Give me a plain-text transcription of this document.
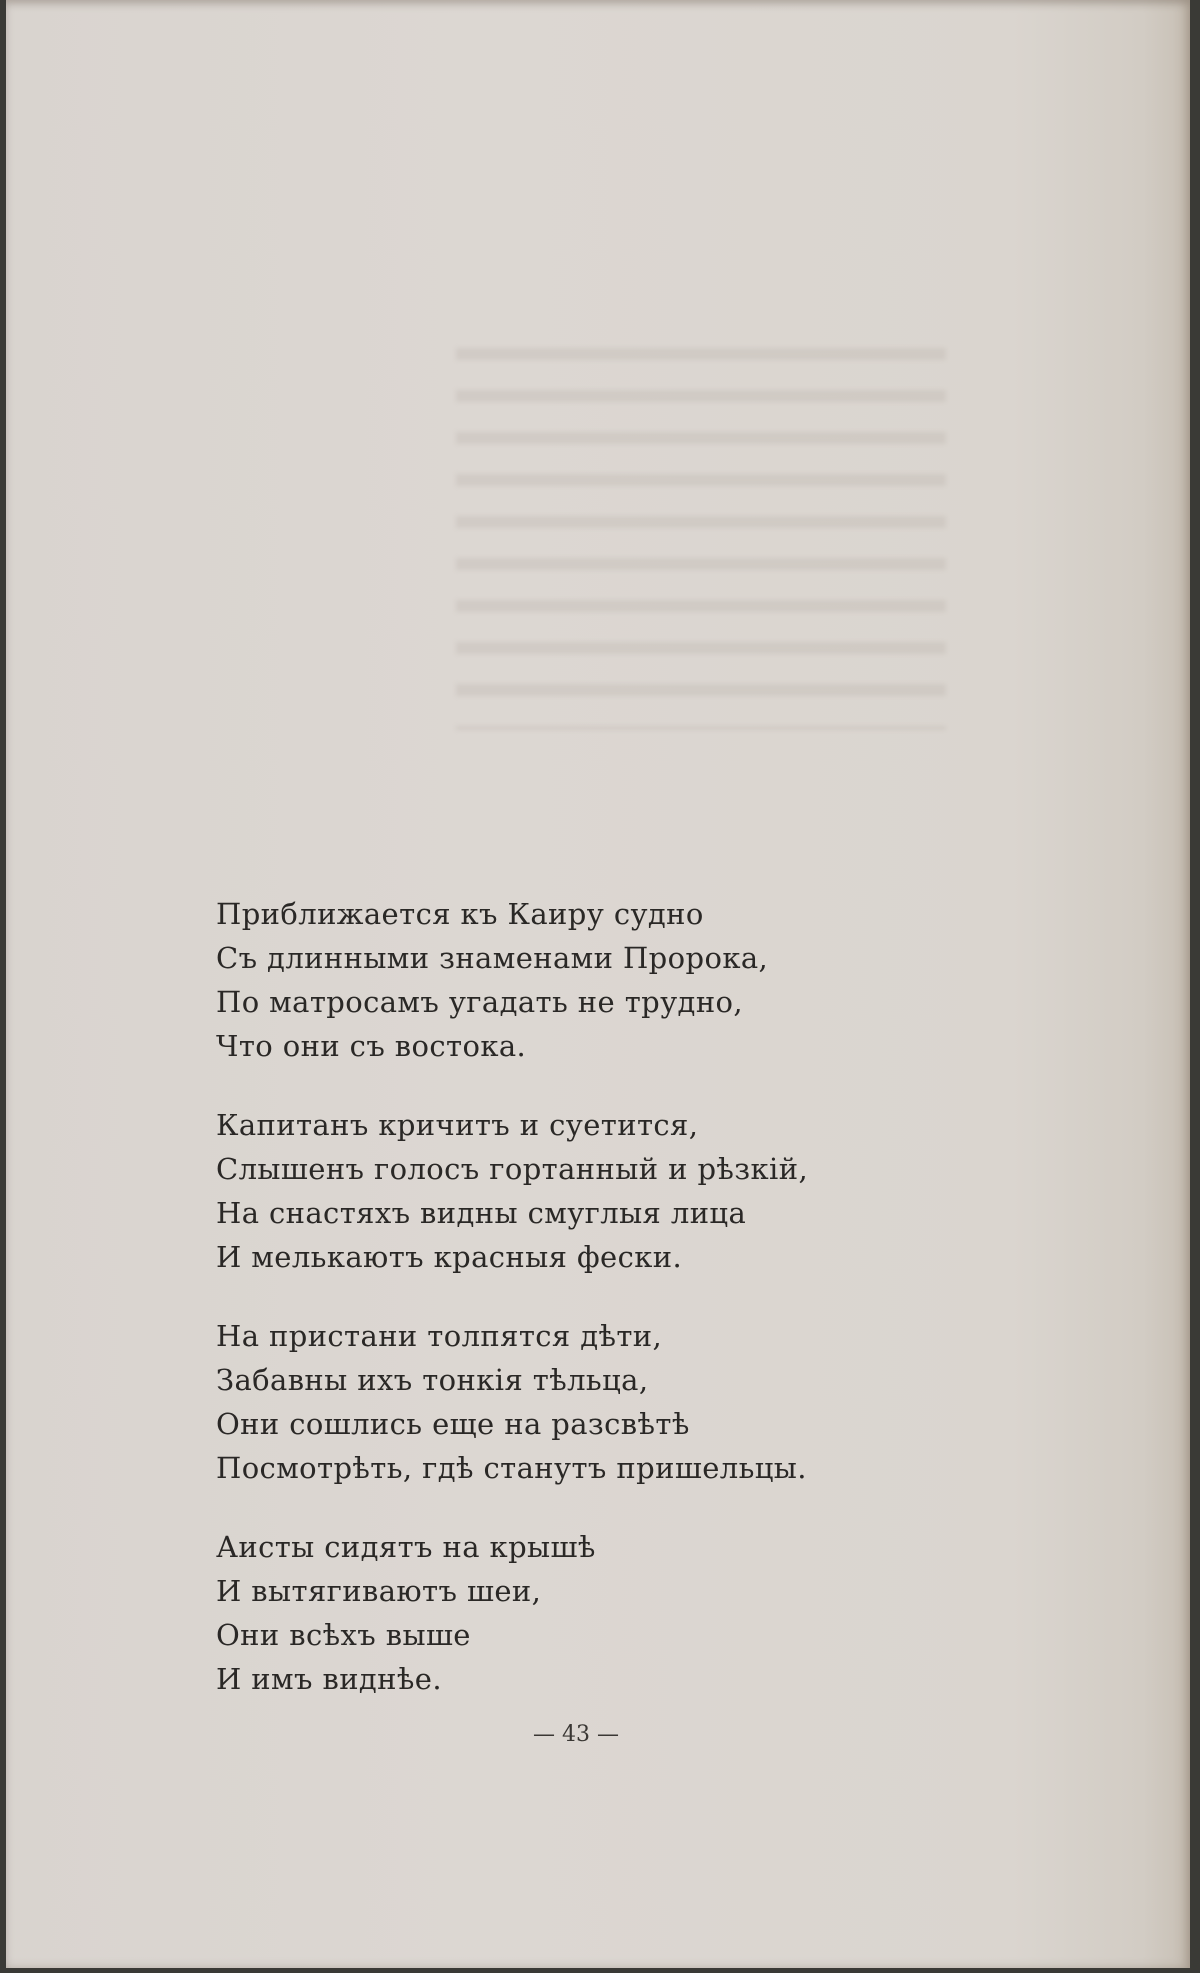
Приближается къ Каиру судно
Съ длинными знаменами Пророка,
По матросамъ угадать не трудно,
Что они съ востока.
Капитанъ кричитъ и суетится,
Слышенъ голосъ гортанный и рѣзкій,
На снастяхъ видны смуглыя лица
И мелькаютъ красныя фески.
На пристани толпятся дѣти,
Забавны ихъ тонкія тѣльца,
Они сошлись еще на разсвѣтѣ
Посмотрѣть, гдѣ станутъ пришельцы.
Аисты сидятъ на крышѣ
И вытягиваютъ шеи,
Они всѣхъ выше
И имъ виднѣе.
— 43 —
